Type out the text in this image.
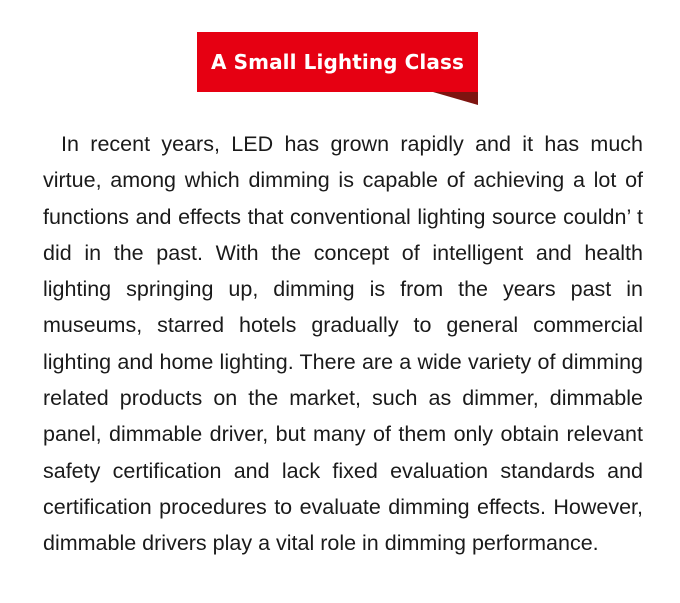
A Small Lighting Class

In recent years, LED has grown rapidly and it has much virtue, among which dimming is capable of achieving a lot of functions and effects that conventional lighting source couldn’ t did in the past. With the concept of intelligent and health lighting springing up, dimming is from the years past in museums, starred hotels gradually to general commercial lighting and home lighting. There are a wide variety of dimming related products on the market, such as dimmer, dimmable panel, dimmable driver, but many of them only obtain relevant safety certification and lack fixed evaluation standards and certification procedures to evaluate dimming effects. However, dimmable drivers play a vital role in dimming performance.
